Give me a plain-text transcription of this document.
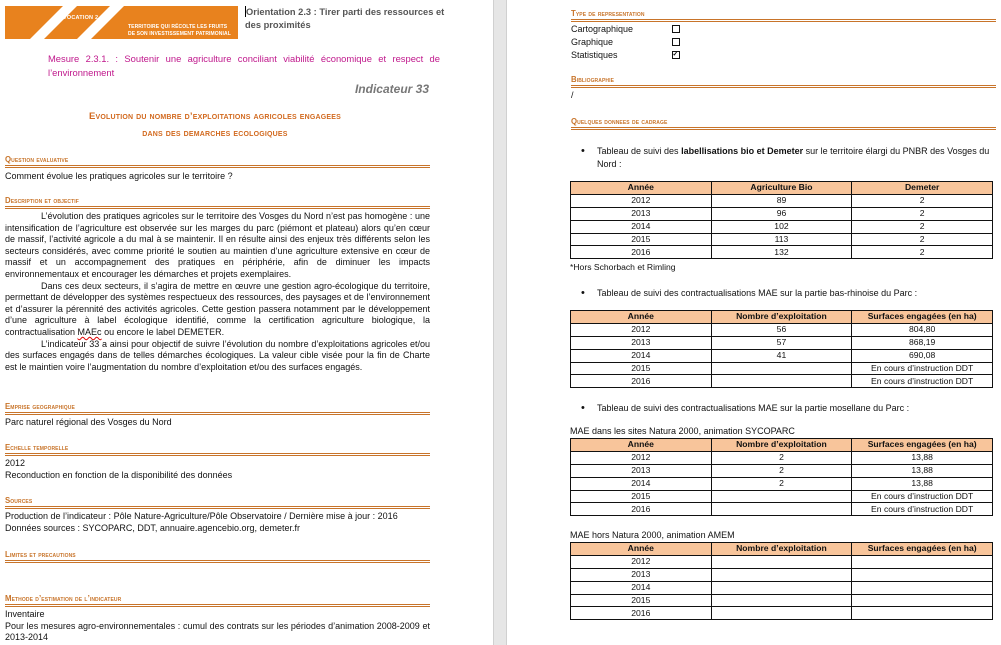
VOCATION 2
TERRITOIRE QUI RÉCOLTE LES FRUITS
DE SON INVESTISSEMENT PATRIMONIAL
Orientation 2.3 : Tirer parti des ressources et des proximités
Mesure 2.3.1. : Soutenir une agriculture conciliant viabilité économique et respect de l’environnement
Indicateur 33
Evolution du nombre d’exploitations agricoles engagees
dans des demarches ecologiques
Question evaluative
Comment évolue les pratiques agricoles sur le territoire ?
Description et objectif

L’évolution des pratiques agricoles sur le territoire des Vosges du Nord n’est pas homogène : une intensification de l’agriculture est observée sur les marges du parc (piémont et plateau) alors qu’en cœur de massif, l’activité agricole a du mal à se maintenir. Il en résulte ainsi des enjeux très différents selon les secteurs considérés, avec comme priorité le soutien au maintien d’une agriculture extensive en cœur de massif et un accompagnement des pratiques en périphérie, afin de diminuer les impacts environnementaux et encourager les démarches et projets exemplaires.

Dans ces deux secteurs, il s’agira de mettre en œuvre une gestion agro-écologique du territoire, permettant de développer des systèmes respectueux des ressources, des paysages et de l’environnement et d’assurer la pérennité des activités agricoles. Cette gestion passera notamment par le développement d’une agriculture à label écologique identifié, comme la certification agriculture biologique, la contractualisation MAEc ou encore le label DEMETER.

L’indicateur 33 a ainsi pour objectif de suivre l’évolution du nombre d’exploitations agricoles et/ou des surfaces engagés dans de telles démarches écologiques. La valeur cible visée pour la fin de Charte est le maintien voire l’augmentation du nombre d’exploitation et/ou des surfaces engagés.

Emprise geographique
Parc naturel régional des Vosges du Nord
Echelle temporelle
2012
Reconduction en fonction de la disponibilité des données
Sources
Production de l’indicateur : Pôle Nature-Agriculture/Pôle Observatoire / Dernière mise à jour : 2016
Données sources : SYCOPARC, DDT, annuaire.agencebio.org, demeter.fr
Limites et precautions
Methode d’estimation de l’indicateur
Inventaire
Pour les mesures agro-environnementales : cumul des contrats sur les périodes d’animation 2008-2009 et 2013-2014
Type de representation
Cartographique
Graphique
Statistiques ✓
Bibliographie
/
Quelques donnees de cadrage
• Tableau de suivi des labellisations bio et Demeter sur le territoire élargi du PNBR des Vosges du Nord :
Année	Agriculture Bio	Demeter
2012	89	2
2013	96	2
2014	102	2
2015	113	2
2016	132	2
*Hors Schorbach et Rimling
• Tableau de suivi des contractualisations MAE sur la partie bas-rhinoise du Parc :
Année	Nombre d’exploitation	Surfaces engagées (en ha)
2012	56	804,80
2013	57	868,19
2014	41	690,08
2015		En cours d’instruction DDT
2016		En cours d’instruction DDT
• Tableau de suivi des contractualisations MAE sur la partie mosellane du Parc :
MAE dans les sites Natura 2000, animation SYCOPARC
Année	Nombre d’exploitation	Surfaces engagées (en ha)
2012	2	13,88
2013	2	13,88
2014	2	13,88
2015		En cours d’instruction DDT
2016		En cours d’instruction DDT
MAE hors Natura 2000, animation AMEM
Année	Nombre d’exploitation	Surfaces engagées (en ha)
2012		
2013		
2014		
2015		
2016		
